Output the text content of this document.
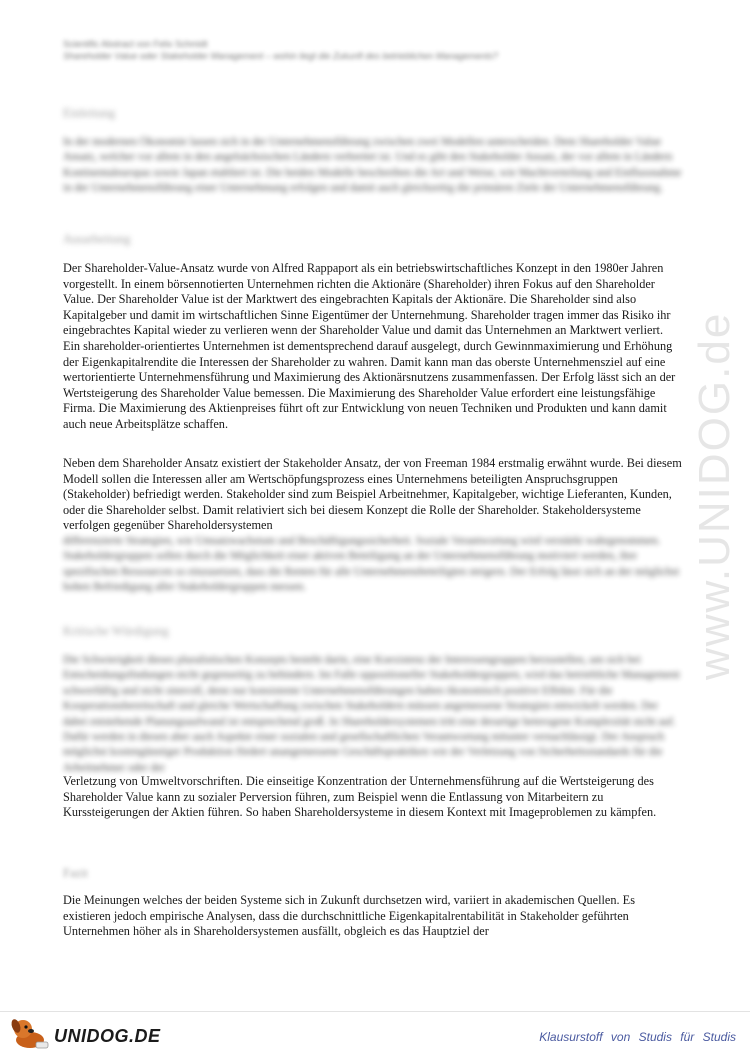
Scientific Abstract von Felix Schmidt
Shareholder Value oder Stakeholder Management – wohin liegt die Zukunft des betrieblichen Managements?
Einleitung
In der modernen Ökonomie lassen sich in der Unternehmensführung zwischen zwei Modellen unterscheiden. Dem Shareholder Value Ansatz, welcher vor allem in den angelsächsischen Ländern verbreitet ist. Und es gibt den Stakeholder Ansatz, der vor allem in Ländern Kontinentaleuropas sowie Japan etabliert ist. Die beiden Modelle beschreiben die Art und Weise, wie Machtverteilung und Einflussnahme in der Unternehmensführung einer Unternehmung erfolgen und damit auch gleichzeitig die primären Ziele der Unternehmensführung.
Ausarbeitung
Der Shareholder-Value-Ansatz wurde von Alfred Rappaport als ein betriebswirtschaftliches Konzept in den 1980er Jahren vorgestellt. In einem börsennotierten Unternehmen richten die Aktionäre (Shareholder) ihren Fokus auf den Shareholder Value. Der Shareholder Value ist der Marktwert des eingebrachten Kapitals der Aktionäre. Die Shareholder sind also Kapitalgeber und damit im wirtschaftlichen Sinne Eigentümer der Unternehmung. Shareholder tragen immer das Risiko ihr eingebrachtes Kapital wieder zu verlieren wenn der Shareholder Value und damit das Unternehmen an Marktwert verliert. Ein shareholder-orientiertes Unternehmen ist dementsprechend darauf ausgelegt, durch Gewinnmaximierung und Erhöhung der Eigenkapitalrendite die Interessen der Shareholder zu wahren. Damit kann man das oberste Unternehmensziel auf eine wertorientierte Unternehmensführung und Maximierung des Aktionärsnutzens zusammenfassen. Der Erfolg lässt sich an der Wertsteigerung des Shareholder Value bemessen. Die Maximierung des Shareholder Value erfordert eine leistungsfähige Firma. Die Maximierung des Aktienpreises führt oft zur Entwicklung von neuen Techniken und Produkten und kann damit auch neue Arbeitsplätze schaffen.
Neben dem Shareholder Ansatz existiert der Stakeholder Ansatz, der von Freeman 1984 erstmalig erwähnt wurde. Bei diesem Modell sollen die Interessen aller am Wertschöpfungsprozess eines Unternehmens beteiligten Anspruchsgruppen (Stakeholder) befriedigt werden. Stakeholder sind zum Beispiel Arbeitnehmer, Kapitalgeber, wichtige Lieferanten, Kunden, oder die Shareholder selbst. Damit relativiert sich bei diesem Konzept die Rolle der Shareholder. Stakeholdersysteme verfolgen gegenüber Shareholdersystemen
differenzierte Strategien, wie Umsatzwachstum und Beschäftigungssicherheit. Soziale Verantwortung wird verstärkt wahrgenommen. Stakeholdergruppen sollen durch die Möglichkeit einer aktiven Beteiligung an der Unternehmensführung motiviert werden, ihre spezifischen Ressourcen so einzusetzen, dass die Renten für alle Unternehmensbeteiligten steigern. Der Erfolg lässt sich an der möglichst hohen Befriedigung aller Stakeholdergruppen messen.
Kritische Würdigung
Die Schwierigkeit dieses pluralistischen Konzepts besteht darin, eine Koexistenz der Interessengruppen herzustellen, um sich bei Entscheidungsfindungen nicht gegenseitig zu behindern. Im Falle oppositioneller Stakeholdergruppen, wird das betriebliche Management schwerfällig und nicht sinnvoll, denn nur konsistente Unternehmensführungen haben ökonomisch positive Effekte. Für die Kooperationsbereitschaft und gleiche Wertschaffung zwischen Stakeholdern müssen angemessene Strategien entwickelt werden. Der dabei entstehende Planungsaufwand ist entsprechend groß. In Shareholdersystemen tritt eine derartige heterogene Komplexität nicht auf. Dafür werden in diesen aber auch Aspekte einer sozialen und gesellschaftlichen Verantwortung mitunter vernachlässigt. Der Anspruch möglichst kostengünstiger Produktion fördert unangemessene Geschäftspraktiken wie der Verletzung von Sicherheitsstandards für die Arbeitnehmer oder der
Verletzung von Umweltvorschriften. Die einseitige Konzentration der Unternehmensführung auf die Wertsteigerung des Shareholder Value kann zu sozialer Perversion führen, zum Beispiel wenn die Entlassung von Mitarbeitern zu Kurssteigerungen der Aktien führen. So haben Shareholdersysteme in diesem Kontext mit Imageproblemen zu kämpfen.
Fazit
Die Meinungen welches der beiden Systeme sich in Zukunft durchsetzen wird, variiert in akademischen Quellen. Es existieren jedoch empirische Analysen, dass die durchschnittliche Eigenkapitalrentabilität in Stakeholder geführten Unternehmen höher als in Shareholdersystemen ausfällt, obgleich es das Hauptziel der
www.UNIDOG.de
UNIDOG.DE	Klausurstoff von Studis für Studis
